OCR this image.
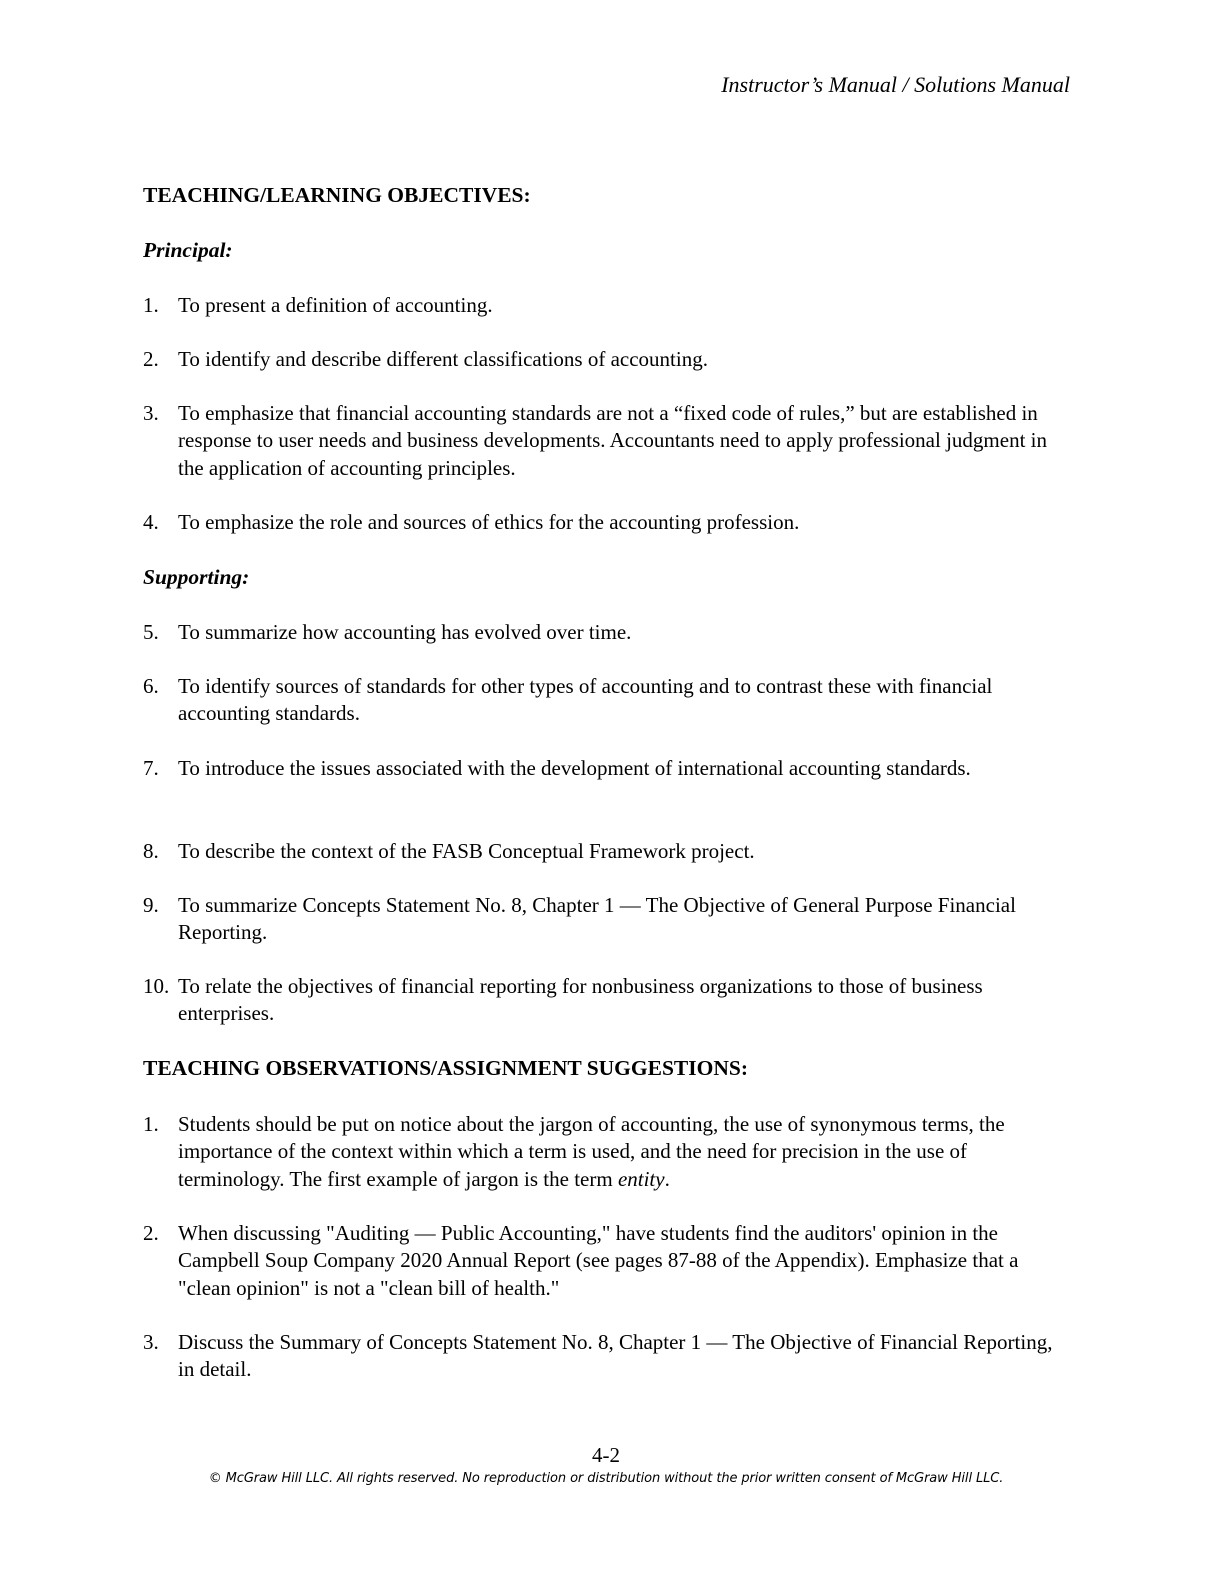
Instructor’s Manual / Solutions Manual
TEACHING/LEARNING OBJECTIVES:
Principal:
1. To present a definition of accounting.
2. To identify and describe different classifications of accounting.
3. To emphasize that financial accounting standards are not a “fixed code of rules,” but are established in response to user needs and business developments. Accountants need to apply professional judgment in the application of accounting principles.
4. To emphasize the role and sources of ethics for the accounting profession.
Supporting:
5. To summarize how accounting has evolved over time.
6. To identify sources of standards for other types of accounting and to contrast these with financial accounting standards.
7. To introduce the issues associated with the development of international accounting standards.
8. To describe the context of the FASB Conceptual Framework project.
9. To summarize Concepts Statement No. 8, Chapter 1 — The Objective of General Purpose Financial Reporting.
10. To relate the objectives of financial reporting for nonbusiness organizations to those of business enterprises.
TEACHING OBSERVATIONS/ASSIGNMENT SUGGESTIONS:
1. Students should be put on notice about the jargon of accounting, the use of synonymous terms, the importance of the context within which a term is used, and the need for precision in the use of terminology. The first example of jargon is the term entity.
2. When discussing "Auditing — Public Accounting," have students find the auditors' opinion in the Campbell Soup Company 2020 Annual Report (see pages 87-88 of the Appendix). Emphasize that a "clean opinion" is not a "clean bill of health."
3. Discuss the Summary of Concepts Statement No. 8, Chapter 1 — The Objective of Financial Reporting, in detail.
4-2
© McGraw Hill LLC. All rights reserved. No reproduction or distribution without the prior written consent of McGraw Hill LLC.
